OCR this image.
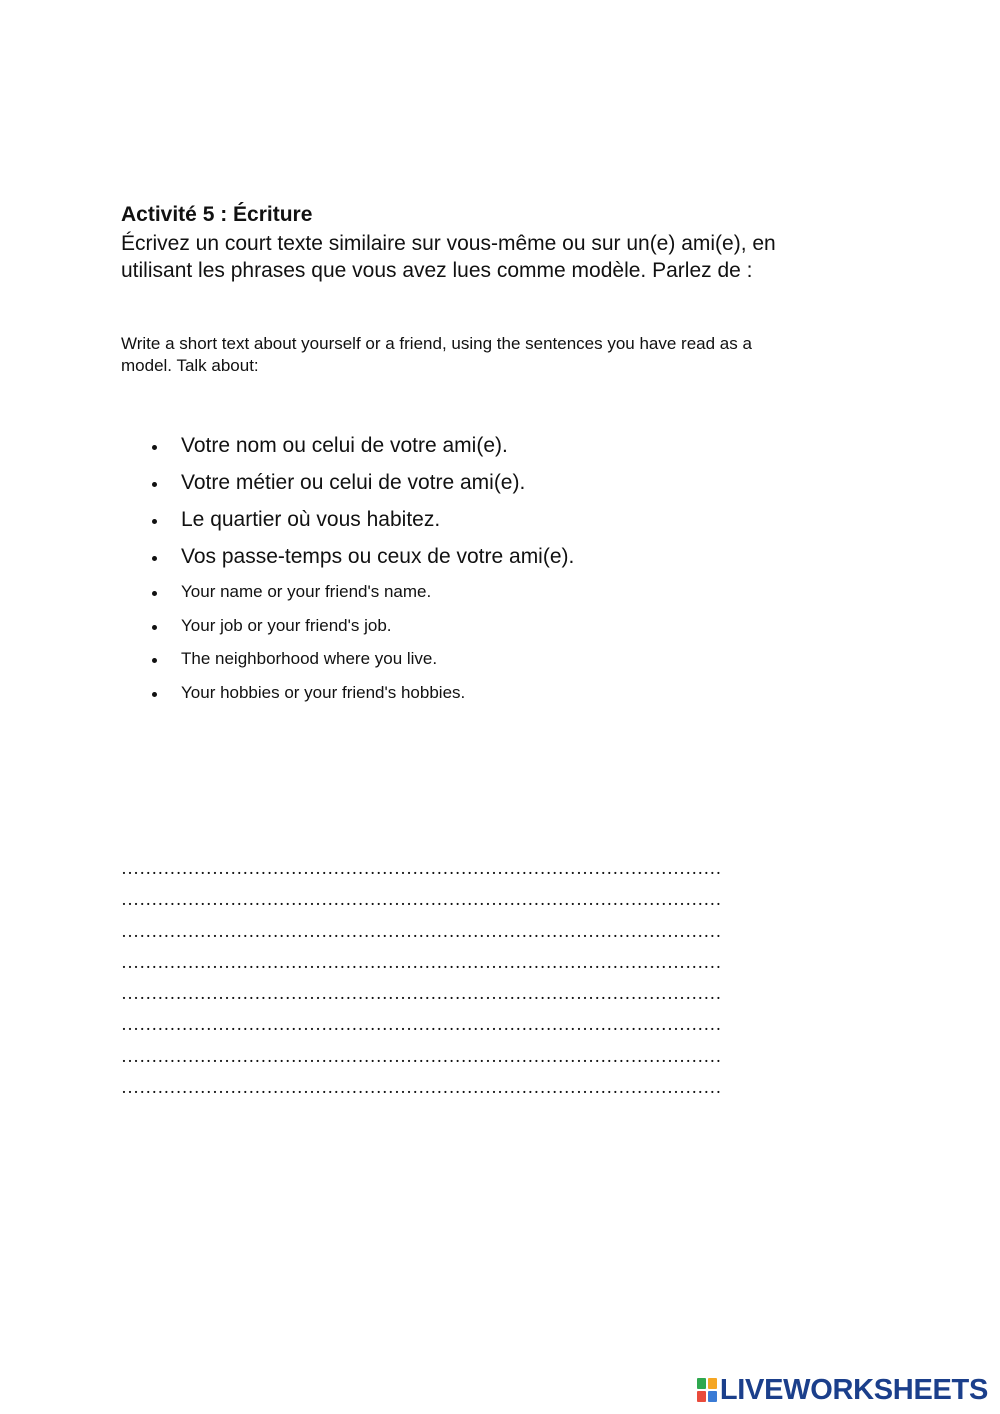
Activité 5 : Écriture

Écrivez un court texte similaire sur vous-même ou sur un(e) ami(e), en
utilisant les phrases que vous avez lues comme modèle. Parlez de :

Write a short text about yourself or a friend, using the sentences you have read as a
model. Talk about:

Votre nom ou celui de votre ami(e).
Votre métier ou celui de votre ami(e).
Le quartier où vous habitez.
Vos passe-temps ou ceux de votre ami(e).
Your name or your friend's name.
Your job or your friend's job.
The neighborhood where you live.
Your hobbies or your friend's hobbies.
………………………………………………………………………………………
………………………………………………………………………………………
………………………………………………………………………………………
………………………………………………………………………………………
………………………………………………………………………………………
………………………………………………………………………………………
………………………………………………………………………………………
………………………………………………………………………………………
LIVEWORKSHEETS
